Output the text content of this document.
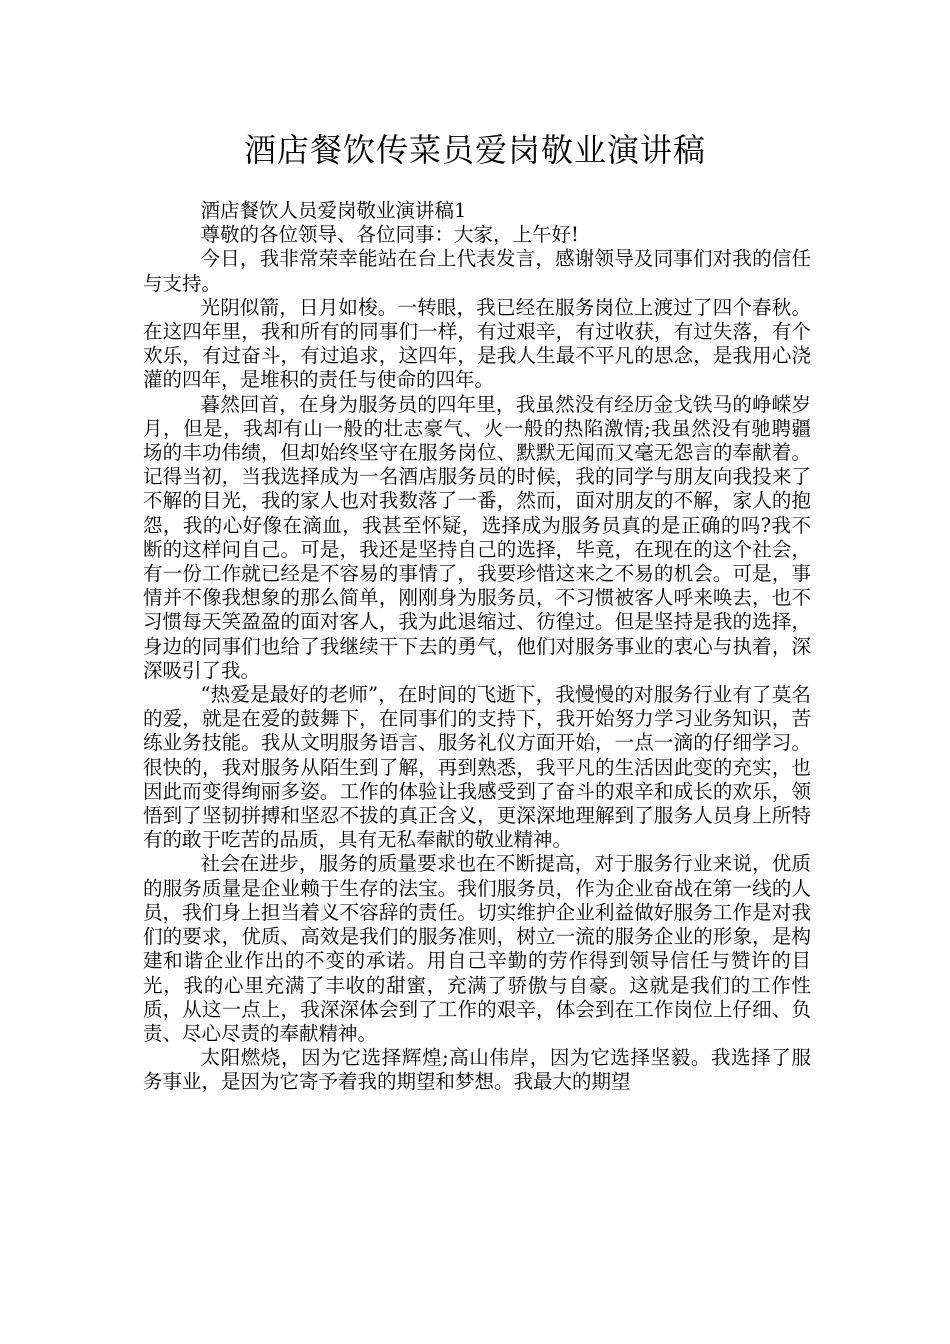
酒店餐饮传菜员爱岗敬业演讲稿

酒店餐饮人员爱岗敬业演讲稿1

尊敬的各位领导、各位同事：大家，上午好!

今日，我非常荣幸能站在台上代表发言，感谢领导及同事们对我的信任与支持。

光阴似箭，日月如梭。一转眼，我已经在服务岗位上渡过了四个春秋。在这四年里，我和所有的同事们一样，有过艰辛，有过收获，有过失落，有个欢乐，有过奋斗，有过追求，这四年，是我人生最不平凡的思念，是我用心浇灌的四年，是堆积的责任与使命的四年。

暮然回首，在身为服务员的四年里，我虽然没有经历金戈铁马的峥嵘岁月，但是，我却有山一般的壮志豪气、火一般的热陷激情;我虽然没有驰聘疆场的丰功伟绩，但却始终坚守在服务岗位、默默无闻而又毫无怨言的奉献着。记得当初，当我选择成为一名酒店服务员的时候，我的同学与朋友向我投来了不解的目光，我的家人也对我数落了一番，然而，面对朋友的不解，家人的抱怨，我的心好像在滴血，我甚至怀疑，选择成为服务员真的是正确的吗?我不断的这样问自己。可是，我还是坚持自己的选择，毕竟，在现在的这个社会，有一份工作就已经是不容易的事情了，我要珍惜这来之不易的机会。可是，事情并不像我想象的那么简单，刚刚身为服务员，不习惯被客人呼来唤去，也不习惯每天笑盈盈的面对客人，我为此退缩过、彷徨过。但是坚持是我的选择，身边的同事们也给了我继续干下去的勇气，他们对服务事业的衷心与执着，深深吸引了我。

“热爱是最好的老师”，在时间的飞逝下，我慢慢的对服务行业有了莫名的爱，就是在爱的鼓舞下，在同事们的支持下，我开始努力学习业务知识，苦练业务技能。我从文明服务语言、服务礼仪方面开始，一点一滴的仔细学习。很快的，我对服务从陌生到了解，再到熟悉，我平凡的生活因此变的充实，也因此而变得绚丽多姿。工作的体验让我感受到了奋斗的艰辛和成长的欢乐，领悟到了坚韧拼搏和坚忍不拔的真正含义，更深深地理解到了服务人员身上所特有的敢于吃苦的品质，具有无私奉献的敬业精神。

社会在进步，服务的质量要求也在不断提高，对于服务行业来说，优质的服务质量是企业赖于生存的法宝。我们服务员，作为企业奋战在第一线的人员，我们身上担当着义不容辞的责任。切实维护企业利益做好服务工作是对我们的要求，优质、高效是我们的服务准则，树立一流的服务企业的形象，是构建和谐企业作出的不变的承诺。用自己辛勤的劳作得到领导信任与赞许的目光，我的心里充满了丰收的甜蜜，充满了骄傲与自豪。这就是我们的工作性质，从这一点上，我深深体会到了工作的艰辛，体会到在工作岗位上仔细、负责、尽心尽责的奉献精神。

太阳燃烧，因为它选择辉煌;高山伟岸，因为它选择坚毅。我选择了服务事业，是因为它寄予着我的期望和梦想。我最大的期望
